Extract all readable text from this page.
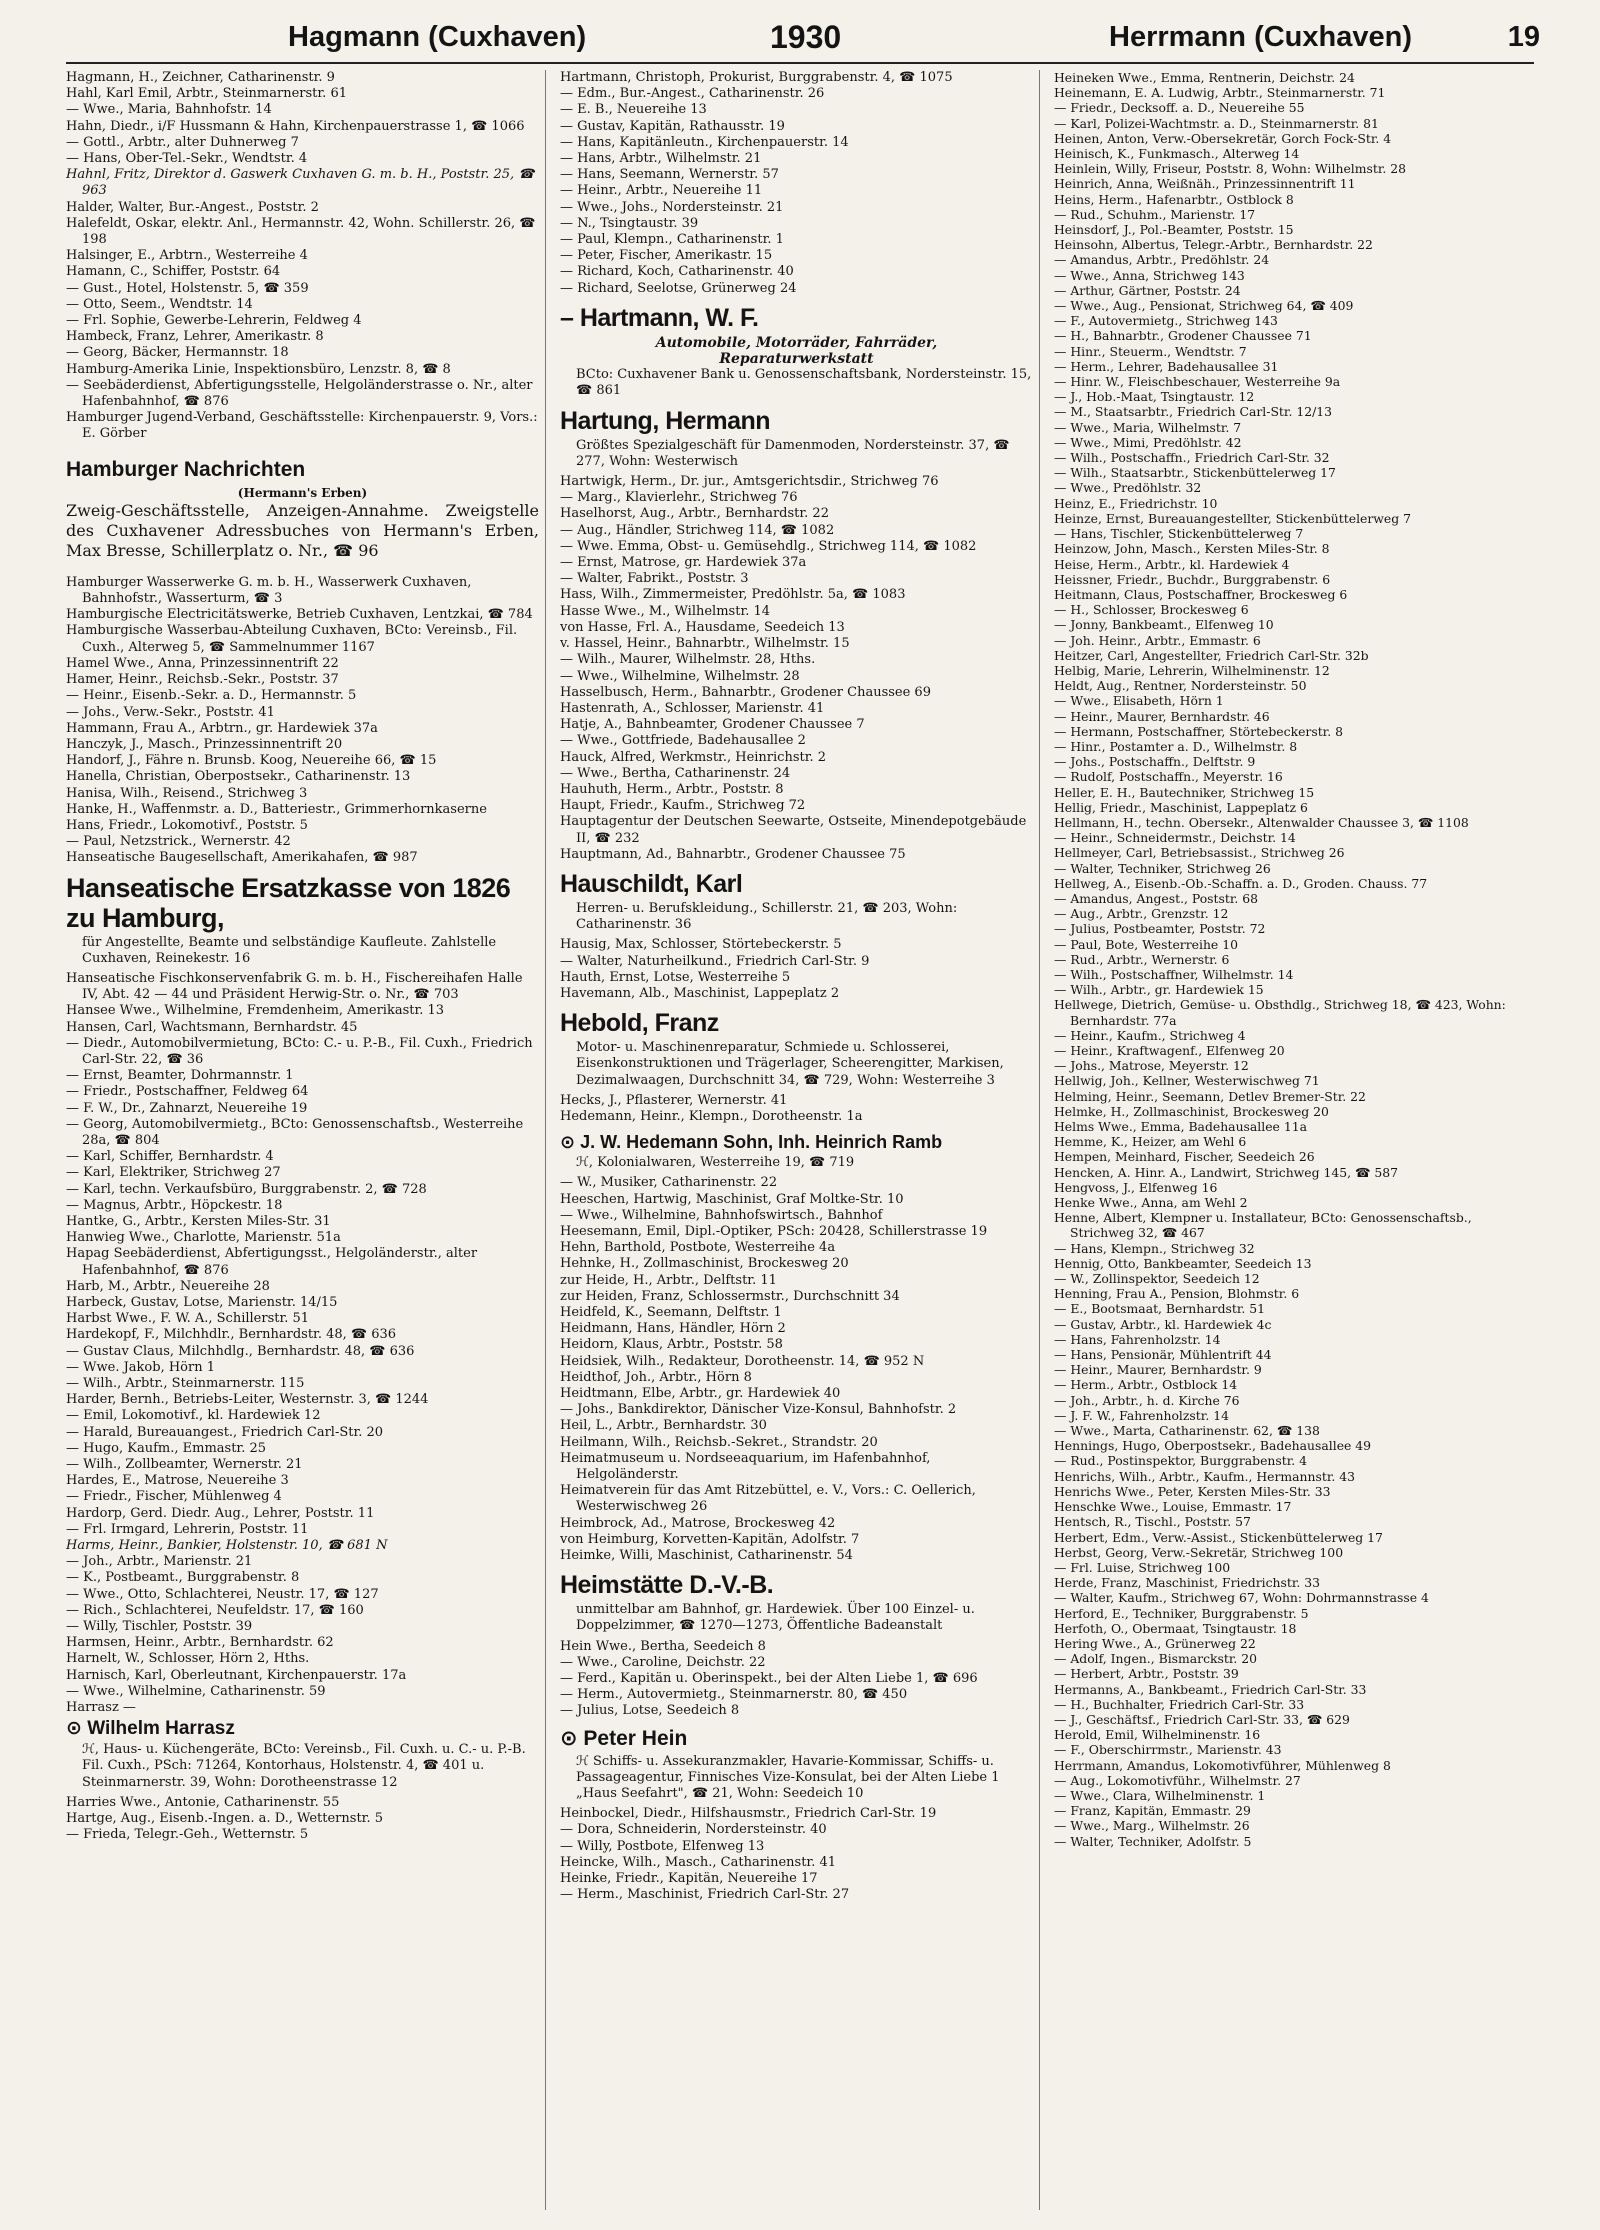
Hagmann (Cuxhaven)	1930	Herrmann (Cuxhaven)	19

Hagmann, H., Zeichner, Catharinenstr. 9

Hahl, Karl Emil, Arbtr., Steinmarnerstr. 61

— Wwe., Maria, Bahnhofstr. 14

Hahn, Diedr., i/F Hussmann & Hahn, Kirchenpauerstrasse 1, ☎ 1066

— Gottl., Arbtr., alter Duhnerweg 7

— Hans, Ober-Tel.-Sekr., Wendtstr. 4

Hahnl, Fritz, Direktor d. Gaswerk Cuxhaven G. m. b. H., Poststr. 25, ☎ 963

Halder, Walter, Bur.-Angest., Poststr. 2

Halefeldt, Oskar, elektr. Anl., Hermannstr. 42, Wohn. Schillerstr. 26, ☎ 198

Halsinger, E., Arbtrn., Westerreihe 4

Hamann, C., Schiffer, Poststr. 64

— Gust., Hotel, Holstenstr. 5, ☎ 359

— Otto, Seem., Wendtstr. 14

— Frl. Sophie, Gewerbe-Lehrerin, Feldweg 4

Hambeck, Franz, Lehrer, Amerikastr. 8

— Georg, Bäcker, Hermannstr. 18

Hamburg-Amerika Linie, Inspektionsbüro, Lenzstr. 8, ☎ 8

— Seebäderdienst, Abfertigungsstelle, Helgoländerstrasse o. Nr., alter Hafenbahnhof, ☎ 876

Hamburger Jugend-Verband, Geschäftsstelle: Kirchenpauerstr. 9, Vors.: E. Görber

Hamburger Nachrichten

(Hermann's Erben)

Zweig-Geschäftsstelle, Anzeigen-Annahme. Zweigstelle des Cuxhavener Adressbuches von Hermann's Erben, Max Bresse, Schillerplatz o. Nr., ☎ 96

Hamburger Wasserwerke G. m. b. H., Wasserwerk Cuxhaven, Bahnhofstr., Wasserturm, ☎ 3

Hamburgische Electricitätswerke, Betrieb Cuxhaven, Lentzkai, ☎ 784

Hamburgische Wasserbau-Abteilung Cuxhaven, BCto: Vereinsb., Fil. Cuxh., Alterweg 5, ☎ Sammelnummer 1167

Hamel Wwe., Anna, Prinzessinnentrift 22

Hamer, Heinr., Reichsb.-Sekr., Poststr. 37

— Heinr., Eisenb.-Sekr. a. D., Hermannstr. 5

— Johs., Verw.-Sekr., Poststr. 41

Hammann, Frau A., Arbtrn., gr. Hardewiek 37a

Hanczyk, J., Masch., Prinzessinnentrift 20

Handorf, J., Fähre n. Brunsb. Koog, Neuereihe 66, ☎ 15

Hanella, Christian, Oberpostsekr., Catharinenstr. 13

Hanisa, Wilh., Reisend., Strichweg 3

Hanke, H., Waffenmstr. a. D., Batteriestr., Grimmerhornkaserne

Hans, Friedr., Lokomotivf., Poststr. 5

— Paul, Netzstrick., Wernerstr. 42

Hanseatische Baugesellschaft, Amerikahafen, ☎ 987

Hanseatische Ersatzkasse von 1826 zu Hamburg,

für Angestellte, Beamte und selbständige Kaufleute. Zahlstelle Cuxhaven, Reinekestr. 16

Hanseatische Fischkonservenfabrik G. m. b. H., Fischereihafen Halle IV, Abt. 42 — 44 und Präsident Herwig-Str. o. Nr., ☎ 703

Hansee Wwe., Wilhelmine, Fremdenheim, Amerikastr. 13

Hansen, Carl, Wachtsmann, Bernhardstr. 45

— Diedr., Automobilvermietung, BCto: C.- u. P.-B., Fil. Cuxh., Friedrich Carl-Str. 22, ☎ 36

— Ernst, Beamter, Dohrmannstr. 1

— Friedr., Postschaffner, Feldweg 64

— F. W., Dr., Zahnarzt, Neuereihe 19

— Georg, Automobilvermietg., BCto: Genossenschaftsb., Westerreihe 28a, ☎ 804

— Karl, Schiffer, Bernhardstr. 4

— Karl, Elektriker, Strichweg 27

— Karl, techn. Verkaufsbüro, Burggrabenstr. 2, ☎ 728

— Magnus, Arbtr., Höpckestr. 18

Hantke, G., Arbtr., Kersten Miles-Str. 31

Hanwieg Wwe., Charlotte, Marienstr. 51a

Hapag Seebäderdienst, Abfertigungsst., Helgoländerstr., alter Hafenbahnhof, ☎ 876

Harb, M., Arbtr., Neuereihe 28

Harbeck, Gustav, Lotse, Marienstr. 14/15

Harbst Wwe., F. W. A., Schillerstr. 51

Hardekopf, F., Milchhdlr., Bernhardstr. 48, ☎ 636

— Gustav Claus, Milchhdlg., Bernhardstr. 48, ☎ 636

— Wwe. Jakob, Hörn 1

— Wilh., Arbtr., Steinmarnerstr. 115

Harder, Bernh., Betriebs-Leiter, Westernstr. 3, ☎ 1244

— Emil, Lokomotivf., kl. Hardewiek 12

— Harald, Bureauangest., Friedrich Carl-Str. 20

— Hugo, Kaufm., Emmastr. 25

— Wilh., Zollbeamter, Wernerstr. 21

Hardes, E., Matrose, Neuereihe 3

— Friedr., Fischer, Mühlenweg 4

Hardorp, Gerd. Diedr. Aug., Lehrer, Poststr. 11

— Frl. Irmgard, Lehrerin, Poststr. 11

Harms, Heinr., Bankier, Holstenstr. 10, ☎ 681 N

— Joh., Arbtr., Marienstr. 21

— K., Postbeamt., Burggrabenstr. 8

— Wwe., Otto, Schlachterei, Neustr. 17, ☎ 127

— Rich., Schlachterei, Neufeldstr. 17, ☎ 160

— Willy, Tischler, Poststr. 39

Harmsen, Heinr., Arbtr., Bernhardstr. 62

Harnelt, W., Schlosser, Hörn 2, Hths.

Harnisch, Karl, Oberleutnant, Kirchenpauerstr. 17a

— Wwe., Wilhelmine, Catharinenstr. 59

Harrasz —

⊙ Wilhelm Harrasz

ℋ, Haus- u. Küchengeräte, BCto: Vereinsb., Fil. Cuxh. u. C.- u. P.-B. Fil. Cuxh., PSch: 71264, Kontorhaus, Holstenstr. 4, ☎ 401 u. Steinmarnerstr. 39, Wohn: Dorotheenstrasse 12

Harries Wwe., Antonie, Catharinenstr. 55

Hartge, Aug., Eisenb.-Ingen. a. D., Wetternstr. 5

— Frieda, Telegr.-Geh., Wetternstr. 5

Hartmann, Christoph, Prokurist, Burggrabenstr. 4, ☎ 1075

— Edm., Bur.-Angest., Catharinenstr. 26

— E. B., Neuereihe 13

— Gustav, Kapitän, Rathausstr. 19

— Hans, Kapitänleutn., Kirchenpauerstr. 14

— Hans, Arbtr., Wilhelmstr. 21

— Hans, Seemann, Wernerstr. 57

— Heinr., Arbtr., Neuereihe 11

— Wwe., Johs., Nordersteinstr. 21

— N., Tsingtaustr. 39

— Paul, Klempn., Catharinenstr. 1

— Peter, Fischer, Amerikastr. 15

— Richard, Koch, Catharinenstr. 40

— Richard, Seelotse, Grünerweg 24

– Hartmann, W. F.

Automobile, Motorräder, Fahrräder,

Reparaturwerkstatt

BCto: Cuxhavener Bank u. Genossenschaftsbank, Nordersteinstr. 15, ☎ 861

Hartung, Hermann

Größtes Spezialgeschäft für Damenmoden, Nordersteinstr. 37, ☎ 277, Wohn: Westerwisch

Hartwigk, Herm., Dr. jur., Amtsgerichtsdir., Strichweg 76

— Marg., Klavierlehr., Strichweg 76

Haselhorst, Aug., Arbtr., Bernhardstr. 22

— Aug., Händler, Strichweg 114, ☎ 1082

— Wwe. Emma, Obst- u. Gemüsehdlg., Strichweg 114, ☎ 1082

— Ernst, Matrose, gr. Hardewiek 37a

— Walter, Fabrikt., Poststr. 3

Hass, Wilh., Zimmermeister, Predöhlstr. 5a, ☎ 1083

Hasse Wwe., M., Wilhelmstr. 14

von Hasse, Frl. A., Hausdame, Seedeich 13

v. Hassel, Heinr., Bahnarbtr., Wilhelmstr. 15

— Wilh., Maurer, Wilhelmstr. 28, Hths.

— Wwe., Wilhelmine, Wilhelmstr. 28

Hasselbusch, Herm., Bahnarbtr., Grodener Chaussee 69

Hastenrath, A., Schlosser, Marienstr. 41

Hatje, A., Bahnbeamter, Grodener Chaussee 7

— Wwe., Gottfriede, Badehausallee 2

Hauck, Alfred, Werkmstr., Heinrichstr. 2

— Wwe., Bertha, Catharinenstr. 24

Hauhuth, Herm., Arbtr., Poststr. 8

Haupt, Friedr., Kaufm., Strichweg 72

Hauptagentur der Deutschen Seewarte, Ostseite, Minendepotgebäude II, ☎ 232

Hauptmann, Ad., Bahnarbtr., Grodener Chaussee 75

Hauschildt, Karl

Herren- u. Berufskleidung., Schillerstr. 21, ☎ 203, Wohn: Catharinenstr. 36

Hausig, Max, Schlosser, Störtebeckerstr. 5

— Walter, Naturheilkund., Friedrich Carl-Str. 9

Hauth, Ernst, Lotse, Westerreihe 5

Havemann, Alb., Maschinist, Lappeplatz 2

Hebold, Franz

Motor- u. Maschinenreparatur, Schmiede u. Schlosserei, Eisenkonstruktionen und Trägerlager, Scheerengitter, Markisen, Dezimalwaagen, Durchschnitt 34, ☎ 729, Wohn: Westerreihe 3

Hecks, J., Pflasterer, Wernerstr. 41

Hedemann, Heinr., Klempn., Dorotheenstr. 1a

⊙ J. W. Hedemann Sohn, Inh. Heinrich Ramb

ℋ, Kolonialwaren, Westerreihe 19, ☎ 719

— W., Musiker, Catharinenstr. 22

Heeschen, Hartwig, Maschinist, Graf Moltke-Str. 10

— Wwe., Wilhelmine, Bahnhofswirtsch., Bahnhof

Heesemann, Emil, Dipl.-Optiker, PSch: 20428, Schillerstrasse 19

Hehn, Barthold, Postbote, Westerreihe 4a

Hehnke, H., Zollmaschinist, Brockesweg 20

zur Heide, H., Arbtr., Delftstr. 11

zur Heiden, Franz, Schlossermstr., Durchschnitt 34

Heidfeld, K., Seemann, Delftstr. 1

Heidmann, Hans, Händler, Hörn 2

Heidorn, Klaus, Arbtr., Poststr. 58

Heidsiek, Wilh., Redakteur, Dorotheenstr. 14, ☎ 952 N

Heidthof, Joh., Arbtr., Hörn 8

Heidtmann, Elbe, Arbtr., gr. Hardewiek 40

— Johs., Bankdirektor, Dänischer Vize-Konsul, Bahnhofstr. 2

Heil, L., Arbtr., Bernhardstr. 30

Heilmann, Wilh., Reichsb.-Sekret., Strandstr. 20

Heimatmuseum u. Nordseeaquarium, im Hafenbahnhof, Helgoländerstr.

Heimatverein für das Amt Ritzebüttel, e. V., Vors.: C. Oellerich, Westerwischweg 26

Heimbrock, Ad., Matrose, Brockesweg 42

von Heimburg, Korvetten-Kapitän, Adolfstr. 7

Heimke, Willi, Maschinist, Catharinenstr. 54

Heimstätte D.-V.-B.

unmittelbar am Bahnhof, gr. Hardewiek. Über 100 Einzel- u. Doppelzimmer, ☎ 1270—1273, Öffentliche Badeanstalt

Hein Wwe., Bertha, Seedeich 8

— Wwe., Caroline, Deichstr. 22

— Ferd., Kapitän u. Oberinspekt., bei der Alten Liebe 1, ☎ 696

— Herm., Autovermietg., Steinmarnerstr. 80, ☎ 450

— Julius, Lotse, Seedeich 8

⊙ Peter Hein

ℋ Schiffs- u. Assekuranzmakler, Havarie-Kommissar, Schiffs- u. Passageagentur, Finnisches Vize-Konsulat, bei der Alten Liebe 1 „Haus Seefahrt", ☎ 21, Wohn: Seedeich 10

Heinbockel, Diedr., Hilfshausmstr., Friedrich Carl-Str. 19

— Dora, Schneiderin, Nordersteinstr. 40

— Willy, Postbote, Elfenweg 13

Heincke, Wilh., Masch., Catharinenstr. 41

Heinke, Friedr., Kapitän, Neuereihe 17

— Herm., Maschinist, Friedrich Carl-Str. 27

Heineken Wwe., Emma, Rentnerin, Deichstr. 24

Heinemann, E. A. Ludwig, Arbtr., Steinmarnerstr. 71

— Friedr., Decksoff. a. D., Neuereihe 55

— Karl, Polizei-Wachtmstr. a. D., Steinmarnerstr. 81

Heinen, Anton, Verw.-Obersekretär, Gorch Fock-Str. 4

Heinisch, K., Funkmasch., Alterweg 14

Heinlein, Willy, Friseur, Poststr. 8, Wohn: Wilhelmstr. 28

Heinrich, Anna, Weißnäh., Prinzessinnentrift 11

Heins, Herm., Hafenarbtr., Ostblock 8

— Rud., Schuhm., Marienstr. 17

Heinsdorf, J., Pol.-Beamter, Poststr. 15

Heinsohn, Albertus, Telegr.-Arbtr., Bernhardstr. 22

— Amandus, Arbtr., Predöhlstr. 24

— Wwe., Anna, Strichweg 143

— Arthur, Gärtner, Poststr. 24

— Wwe., Aug., Pensionat, Strichweg 64, ☎ 409

— F., Autovermietg., Strichweg 143

— H., Bahnarbtr., Grodener Chaussee 71

— Hinr., Steuerm., Wendtstr. 7

— Herm., Lehrer, Badehausallee 31

— Hinr. W., Fleischbeschauer, Westerreihe 9a

— J., Hob.-Maat, Tsingtaustr. 12

— M., Staatsarbtr., Friedrich Carl-Str. 12/13

— Wwe., Maria, Wilhelmstr. 7

— Wwe., Mimi, Predöhlstr. 42

— Wilh., Postschaffn., Friedrich Carl-Str. 32

— Wilh., Staatsarbtr., Stickenbüttelerweg 17

— Wwe., Predöhlstr. 32

Heinz, E., Friedrichstr. 10

Heinze, Ernst, Bureauangestellter, Stickenbüttelerweg 7

— Hans, Tischler, Stickenbüttelerweg 7

Heinzow, John, Masch., Kersten Miles-Str. 8

Heise, Herm., Arbtr., kl. Hardewiek 4

Heissner, Friedr., Buchdr., Burggrabenstr. 6

Heitmann, Claus, Postschaffner, Brockesweg 6

— H., Schlosser, Brockesweg 6

— Jonny, Bankbeamt., Elfenweg 10

— Joh. Heinr., Arbtr., Emmastr. 6

Heitzer, Carl, Angestellter, Friedrich Carl-Str. 32b

Helbig, Marie, Lehrerin, Wilhelminenstr. 12

Heldt, Aug., Rentner, Nordersteinstr. 50

— Wwe., Elisabeth, Hörn 1

— Heinr., Maurer, Bernhardstr. 46

— Hermann, Postschaffner, Störtebeckerstr. 8

— Hinr., Postamter a. D., Wilhelmstr. 8

— Johs., Postschaffn., Delftstr. 9

— Rudolf, Postschaffn., Meyerstr. 16

Heller, E. H., Bautechniker, Strichweg 15

Hellig, Friedr., Maschinist, Lappeplatz 6

Hellmann, H., techn. Obersekr., Altenwalder Chaussee 3, ☎ 1108

— Heinr., Schneidermstr., Deichstr. 14

Hellmeyer, Carl, Betriebsassist., Strichweg 26

— Walter, Techniker, Strichweg 26

Hellweg, A., Eisenb.-Ob.-Schaffn. a. D., Groden. Chauss. 77

— Amandus, Angest., Poststr. 68

— Aug., Arbtr., Grenzstr. 12

— Julius, Postbeamter, Poststr. 72

— Paul, Bote, Westerreihe 10

— Rud., Arbtr., Wernerstr. 6

— Wilh., Postschaffner, Wilhelmstr. 14

— Wilh., Arbtr., gr. Hardewiek 15

Hellwege, Dietrich, Gemüse- u. Obsthdlg., Strichweg 18, ☎ 423, Wohn: Bernhardstr. 77a

— Heinr., Kaufm., Strichweg 4

— Heinr., Kraftwagenf., Elfenweg 20

— Johs., Matrose, Meyerstr. 12

Hellwig, Joh., Kellner, Westerwischweg 71

Helming, Heinr., Seemann, Detlev Bremer-Str. 22

Helmke, H., Zollmaschinist, Brockesweg 20

Helms Wwe., Emma, Badehausallee 11a

Hemme, K., Heizer, am Wehl 6

Hempen, Meinhard, Fischer, Seedeich 26

Hencken, A. Hinr. A., Landwirt, Strichweg 145, ☎ 587

Hengvoss, J., Elfenweg 16

Henke Wwe., Anna, am Wehl 2

Henne, Albert, Klempner u. Installateur, BCto: Genossenschaftsb., Strichweg 32, ☎ 467

— Hans, Klempn., Strichweg 32

Hennig, Otto, Bankbeamter, Seedeich 13

— W., Zollinspektor, Seedeich 12

Henning, Frau A., Pension, Blohmstr. 6

— E., Bootsmaat, Bernhardstr. 51

— Gustav, Arbtr., kl. Hardewiek 4c

— Hans, Fahrenholzstr. 14

— Hans, Pensionär, Mühlentrift 44

— Heinr., Maurer, Bernhardstr. 9

— Herm., Arbtr., Ostblock 14

— Joh., Arbtr., h. d. Kirche 76

— J. F. W., Fahrenholzstr. 14

— Wwe., Marta, Catharinenstr. 62, ☎ 138

Hennings, Hugo, Oberpostsekr., Badehausallee 49

— Rud., Postinspektor, Burggrabenstr. 4

Henrichs, Wilh., Arbtr., Kaufm., Hermannstr. 43

Henrichs Wwe., Peter, Kersten Miles-Str. 33

Henschke Wwe., Louise, Emmastr. 17

Hentsch, R., Tischl., Poststr. 57

Herbert, Edm., Verw.-Assist., Stickenbüttelerweg 17

Herbst, Georg, Verw.-Sekretär, Strichweg 100

— Frl. Luise, Strichweg 100

Herde, Franz, Maschinist, Friedrichstr. 33

— Walter, Kaufm., Strichweg 67, Wohn: Dohrmannstrasse 4

Herford, E., Techniker, Burggrabenstr. 5

Herfoth, O., Obermaat, Tsingtaustr. 18

Hering Wwe., A., Grünerweg 22

— Adolf, Ingen., Bismarckstr. 20

— Herbert, Arbtr., Poststr. 39

Hermanns, A., Bankbeamt., Friedrich Carl-Str. 33

— H., Buchhalter, Friedrich Carl-Str. 33

— J., Geschäftsf., Friedrich Carl-Str. 33, ☎ 629

Herold, Emil, Wilhelminenstr. 16

— F., Oberschirrmstr., Marienstr. 43

Herrmann, Amandus, Lokomotivführer, Mühlenweg 8

— Aug., Lokomotivführ., Wilhelmstr. 27

— Wwe., Clara, Wilhelminenstr. 1

— Franz, Kapitän, Emmastr. 29

— Wwe., Marg., Wilhelmstr. 26

— Walter, Techniker, Adolfstr. 5
